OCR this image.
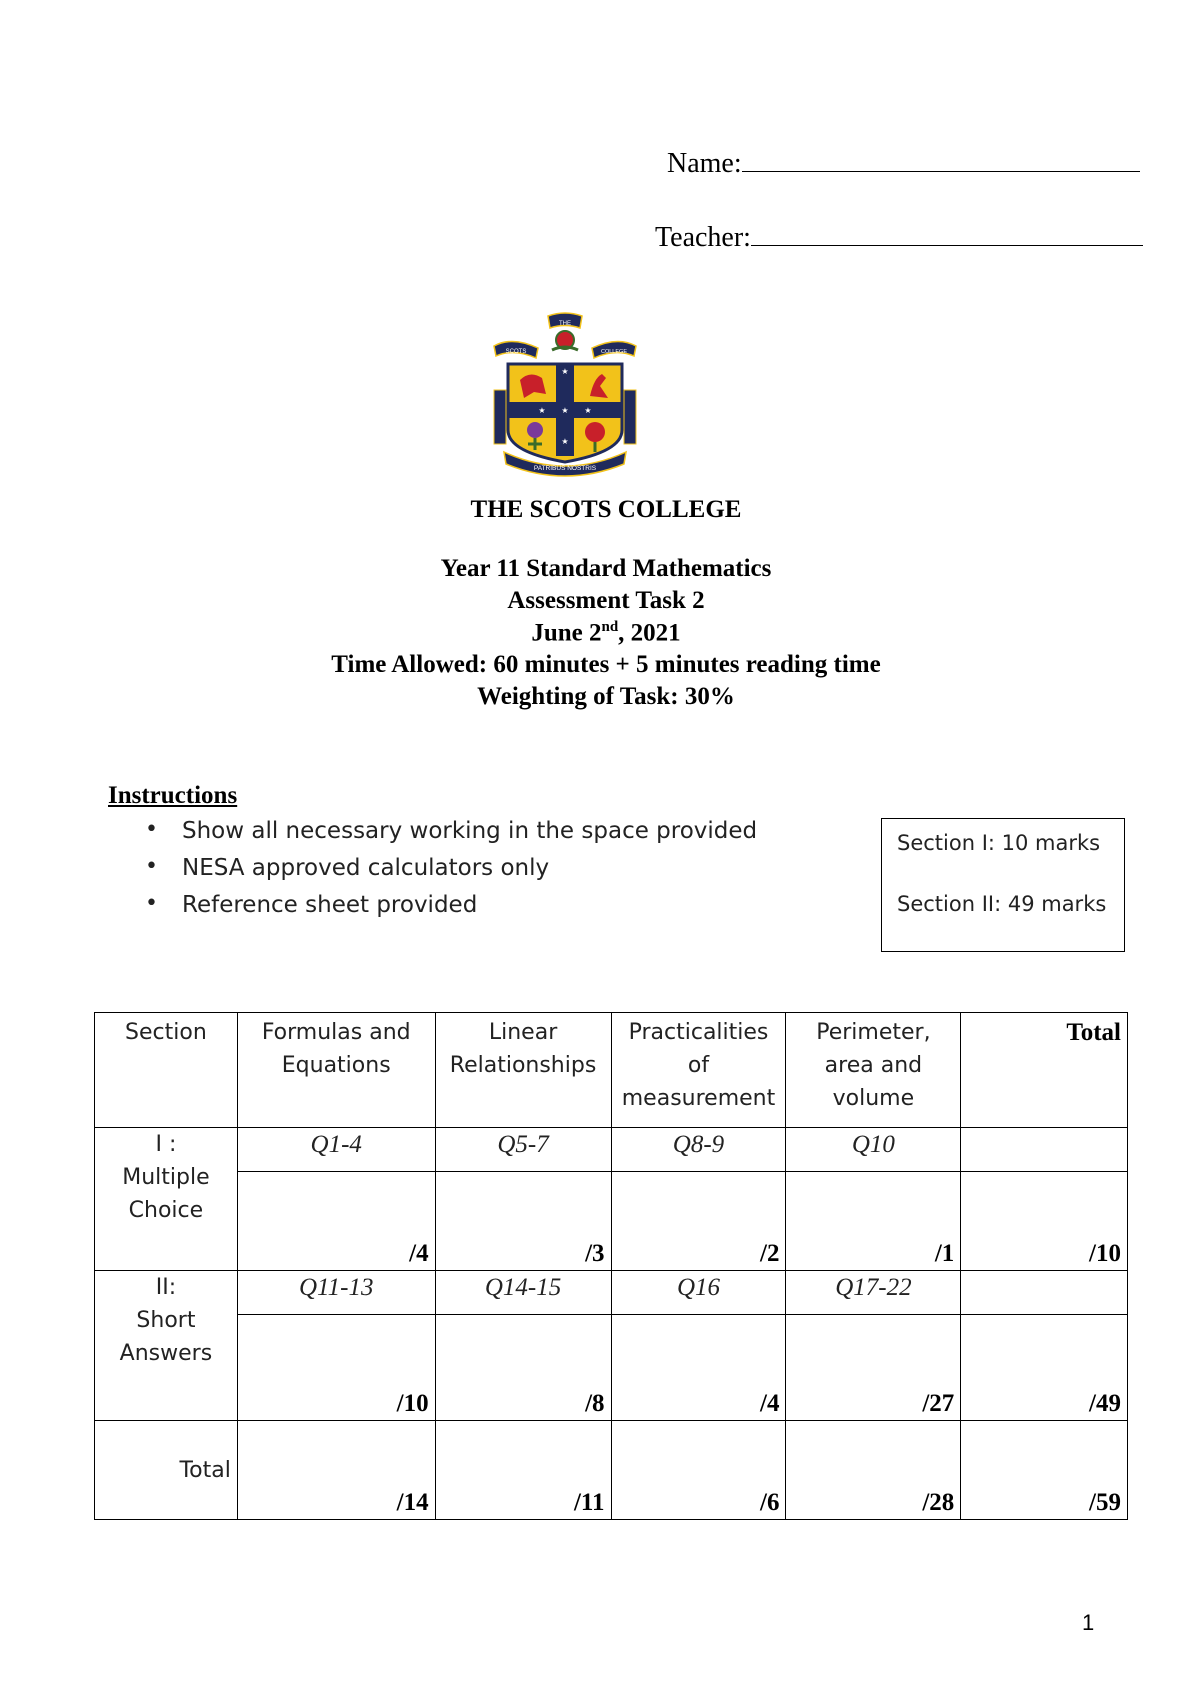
Name:
Teacher:
THE
SCOTS	COLLEGE
★
★
★	★
★
PATRIBUS NOSTRIS
THE SCOTS COLLEGE
Year 11 Standard Mathematics
Assessment Task 2
June 2nd, 2021
Time Allowed: 60 minutes + 5 minutes reading time
Weighting of Task: 30%
Instructions
• Show all necessary working in the space provided
• NESA approved calculators only
• Reference sheet provided
Section I: 10 marks
Section II: 49 marks
Section	Formulas and Equations	Linear Relationships	Practicalities of measurement	Perimeter, area and volume	Total

I :
Multiple
Choice	Q1-4	Q5-7	Q8-9	Q10	
	/4	/3	/2	/1	/10

II:
Short
Answers	Q11-13	Q14-15	Q16	Q17-22	
	/10	/8	/4	/27	/49
Total	/14	/11	/6	/28	/59
1
